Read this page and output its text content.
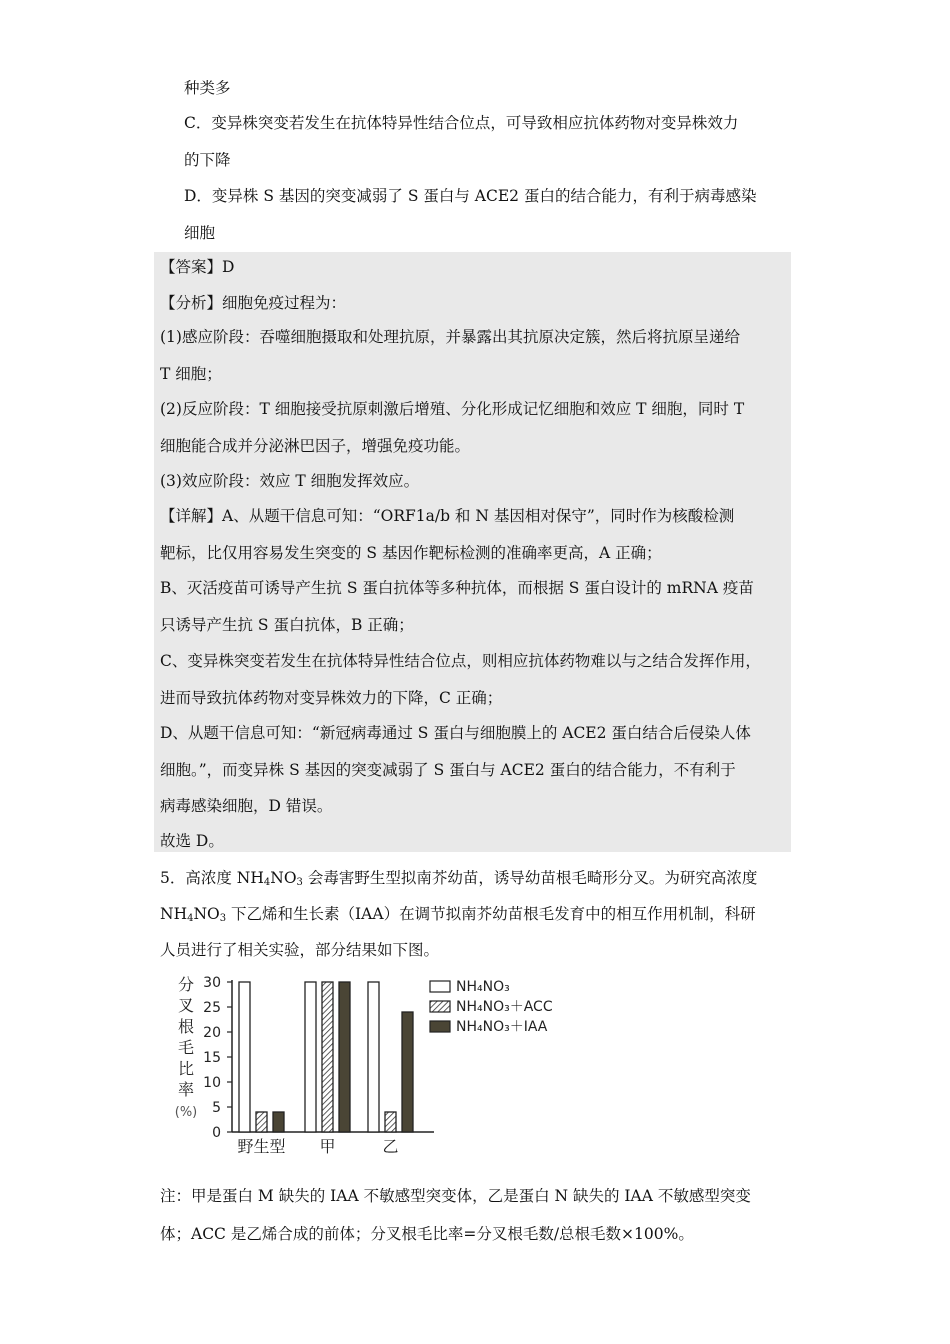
种类多
C．变异株突变若发生在抗体特异性结合位点，可导致相应抗体药物对变异株效力
的下降
D．变异株 S 基因的突变减弱了 S 蛋白与 ACE2 蛋白的结合能力，有利于病毒感染
细胞
【答案】D
【分析】细胞免疫过程为：
(1)感应阶段：吞噬细胞摄取和处理抗原，并暴露出其抗原决定簇，然后将抗原呈递给
T 细胞；
(2)反应阶段：T 细胞接受抗原刺激后增殖、分化形成记忆细胞和效应 T 细胞，同时 T
细胞能合成并分泌淋巴因子，增强免疫功能。
(3)效应阶段：效应 T 细胞发挥效应。
【详解】A、从题干信息可知：“ORF1a/b 和 N 基因相对保守”，同时作为核酸检测
靶标，比仅用容易发生突变的 S 基因作靶标检测的准确率更高，A 正确；
B、灭活疫苗可诱导产生抗 S 蛋白抗体等多种抗体，而根据 S 蛋白设计的 mRNA 疫苗
只诱导产生抗 S 蛋白抗体，B 正确；
C、变异株突变若发生在抗体特异性结合位点，则相应抗体药物难以与之结合发挥作用，
进而导致抗体药物对变异株效力的下降，C 正确；
D、从题干信息可知：“新冠病毒通过 S 蛋白与细胞膜上的 ACE2 蛋白结合后侵染人体
细胞。”，而变异株 S 基因的突变减弱了 S 蛋白与 ACE2 蛋白的结合能力，不有利于
病毒感染细胞，D 错误。
故选 D。
5．高浓度 $NH_4NO_3$ 会毒害野生型拟南芥幼苗，诱导幼苗根毛畸形分叉。为研究高浓度
$NH_4NO_3$ 下乙烯和生长素（IAA）在调节拟南芥幼苗根毛发育中的相互作用机制，科研
人员进行了相关实验，部分结果如下图。
分
叉
根
毛
比
率
(%)
0
5
10
15
20
25
30
野生型 甲	乙
NH₄NO₃
NH₄NO₃＋ACC
NH₄NO₃＋IAA
注：甲是蛋白 M 缺失的 IAA 不敏感型突变体，乙是蛋白 N 缺失的 IAA 不敏感型突变
体；ACC 是乙烯合成的前体；分叉根毛比率=分叉根毛数/总根毛数×100%。
